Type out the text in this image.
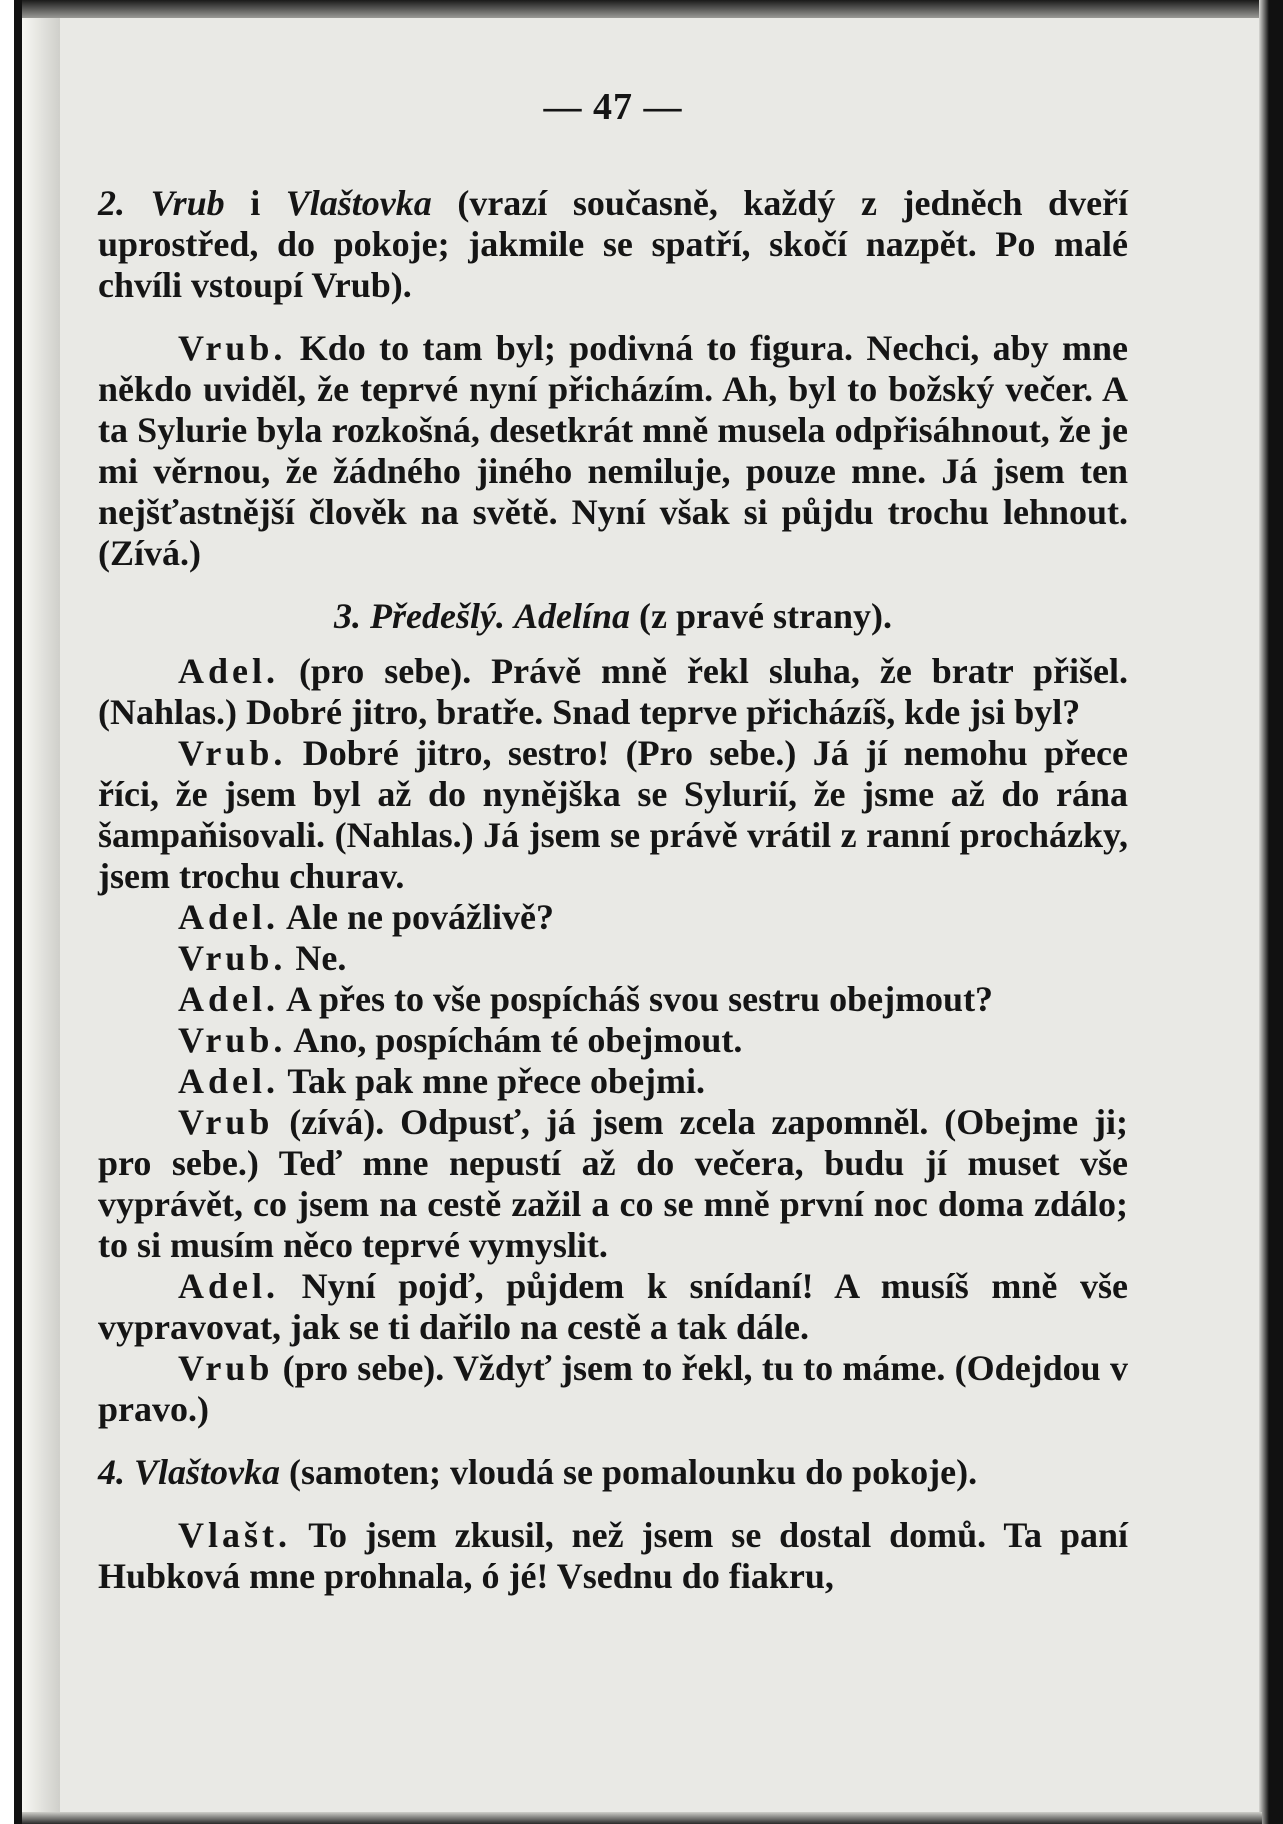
— 47 —

2. Vrub i Vlaštovka (vrazí současně, každý z jedněch dveří uprostřed, do pokoje; jakmile se spatří, skočí nazpět. Po malé chvíli vstoupí Vrub).

Vrub. Kdo to tam byl; podivná to figura. Nechci, aby mne někdo uviděl, že teprvé nyní přicházím. Ah, byl to božský večer. A ta Sylurie byla rozkošná, desetkrát mně musela odpřisáhnout, že je mi věrnou, že žádného jiného nemiluje, pouze mne. Já jsem ten nejšťastnější člověk na světě. Nyní však si půjdu trochu lehnout. (Zívá.)

3. Předešlý. Adelína (z pravé strany).

Adel. (pro sebe). Právě mně řekl sluha, že bratr přišel. (Nahlas.) Dobré jitro, bratře. Snad teprve přicházíš, kde jsi byl?

Vrub. Dobré jitro, sestro! (Pro sebe.) Já jí nemohu přece říci, že jsem byl až do nynějška se Sylurií, že jsme až do rána šampaňisovali. (Nahlas.) Já jsem se právě vrátil z ranní procházky, jsem trochu churav.

Adel. Ale ne povážlivě?

Vrub. Ne.

Adel. A přes to vše pospícháš svou sestru obejmout?

Vrub. Ano, pospíchám té obejmout.

Adel. Tak pak mne přece obejmi.

Vrub (zívá). Odpusť, já jsem zcela zapomněl. (Obejme ji; pro sebe.) Teď mne nepustí až do večera, budu jí muset vše vyprávět, co jsem na cestě zažil a co se mně první noc doma zdálo; to si musím něco teprvé vymyslit.

Adel. Nyní pojď, půjdem k snídaní! A musíš mně vše vypravovat, jak se ti dařilo na cestě a tak dále.

Vrub (pro sebe). Vždyť jsem to řekl, tu to máme. (Odejdou v pravo.)

4. Vlaštovka (samoten; vloudá se pomalounku do pokoje).

Vlašt. To jsem zkusil, než jsem se dostal domů. Ta paní Hubková mne prohnala, ó jé! Vsednu do fiakru,
